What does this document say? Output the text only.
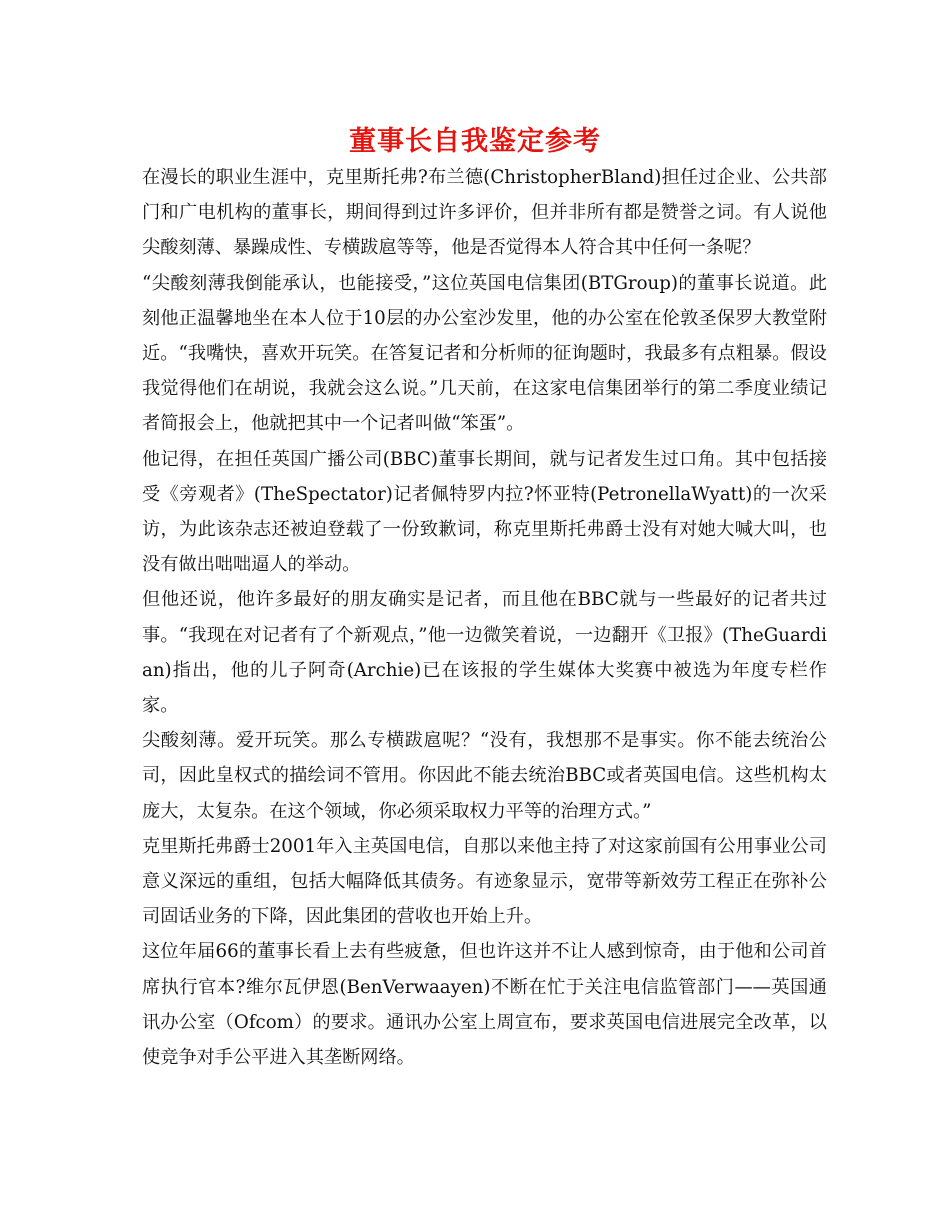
董事长自我鉴定参考

在漫长的职业生涯中，克里斯托弗?布兰德(ChristopherBland)担任过企业、公共部门和广电机构的董事长，期间得到过许多评价，但并非所有都是赞誉之词。有人说他尖酸刻薄、暴躁成性、专横跋扈等等，他是否觉得本人符合其中任何一条呢？

“尖酸刻薄我倒能承认，也能接受，”这位英国电信集团(BTGroup)的董事长说道。此刻他正温馨地坐在本人位于10层的办公室沙发里，他的办公室在伦敦圣保罗大教堂附近。“我嘴快，喜欢开玩笑。在答复记者和分析师的征询题时，我最多有点粗暴。假设我觉得他们在胡说，我就会这么说。”几天前，在这家电信集团举行的第二季度业绩记者简报会上，他就把其中一个记者叫做“笨蛋”。

他记得，在担任英国广播公司(BBC)董事长期间，就与记者发生过口角。其中包括接受《旁观者》(TheSpectator)记者佩特罗内拉?怀亚特(PetronellaWyatt)的一次采访，为此该杂志还被迫登载了一份致歉词，称克里斯托弗爵士没有对她大喊大叫，也没有做出咄咄逼人的举动。

但他还说，他许多最好的朋友确实是记者，而且他在BBC就与一些最好的记者共过事。“我现在对记者有了个新观点，”他一边微笑着说，一边翻开《卫报》(TheGuardian)指出，他的儿子阿奇(Archie)已在该报的学生媒体大奖赛中被选为年度专栏作家。

尖酸刻薄。爱开玩笑。那么专横跋扈呢？“没有，我想那不是事实。你不能去统治公司，因此皇权式的描绘词不管用。你因此不能去统治BBC或者英国电信。这些机构太庞大，太复杂。在这个领域，你必须采取权力平等的治理方式。”

克里斯托弗爵士2001年入主英国电信，自那以来他主持了对这家前国有公用事业公司意义深远的重组，包括大幅降低其债务。有迹象显示，宽带等新效劳工程正在弥补公司固话业务的下降，因此集团的营收也开始上升。

这位年届66的董事长看上去有些疲惫，但也许这并不让人感到惊奇，由于他和公司首席执行官本?维尔瓦伊恩(BenVerwaayen)不断在忙于关注电信监管部门——英国通讯办公室（Ofcom）的要求。通讯办公室上周宣布，要求英国电信进展完全改革，以使竞争对手公平进入其垄断网络。
